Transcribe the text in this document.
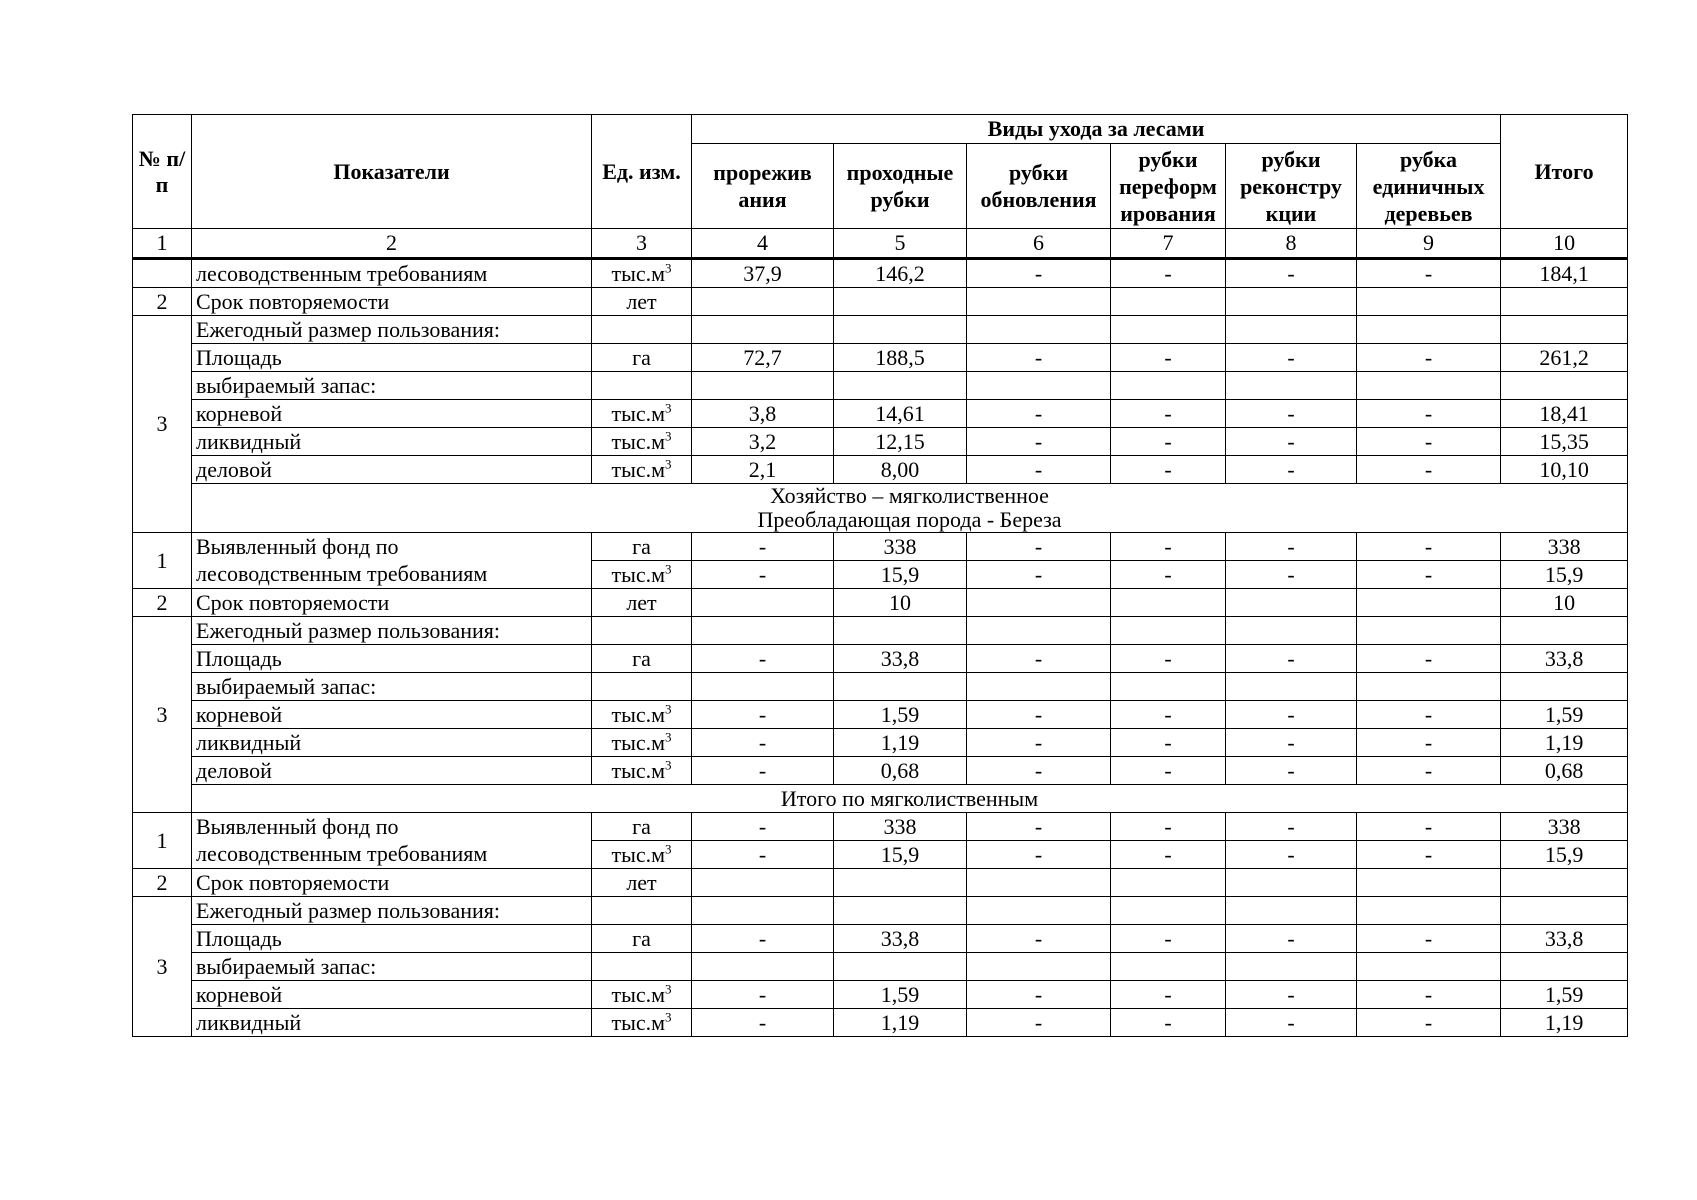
№ п/п	Показатели	Ед. изм.	Виды ухода за лесами						Итого
			прорежив ания	проходные рубки	рубки обновления	рубки переформ ирования	рубки реконстру кции	рубка единичных деревьев	
1	2	3	4	5	6	7	8	9	10
	лесоводственным требованиям	$тыс.м^3$	37,9	146,2	-	-	-	-	184,1
2	Срок повторяемости	лет							
3	Ежегодный размер пользования:								
	Площадь	га	72,7	188,5	-	-	-	-	261,2
	выбираемый запас:								
	корневой	$тыс.м^3$	3,8	14,61	-	-	-	-	18,41
	ликвидный	$тыс.м^3$	3,2	12,15	-	-	-	-	15,35
	деловой	$тыс.м^3$	2,1	8,00	-	-	-	-	10,10

	Хозяйство – мягколиственное
Преобладающая порода - Береза								

1	Выявленный фонд по	га	-	338	-	-	-	-	338
	лесоводственным требованиям	$тыс.м^3$	-	15,9	-	-	-	-	15,9
2	Срок повторяемости	лет		10					10
3	Ежегодный размер пользования:								
	Площадь	га	-	33,8	-	-	-	-	33,8
	выбираемый запас:								
	корневой	$тыс.м^3$	-	1,59	-	-	-	-	1,59
	ликвидный	$тыс.м^3$	-	1,19	-	-	-	-	1,19
	деловой	$тыс.м^3$	-	0,68	-	-	-	-	0,68

	Итого по мягколиственным								

1	Выявленный фонд по	га	-	338	-	-	-	-	338
	лесоводственным требованиям	$тыс.м^3$	-	15,9	-	-	-	-	15,9
2	Срок повторяемости	лет							
3	Ежегодный размер пользования:								
	Площадь	га	-	33,8	-	-	-	-	33,8
	выбираемый запас:								
	корневой	$тыс.м^3$	-	1,59	-	-	-	-	1,59
	ликвидный	$тыс.м^3$	-	1,19	-	-	-	-	1,19
